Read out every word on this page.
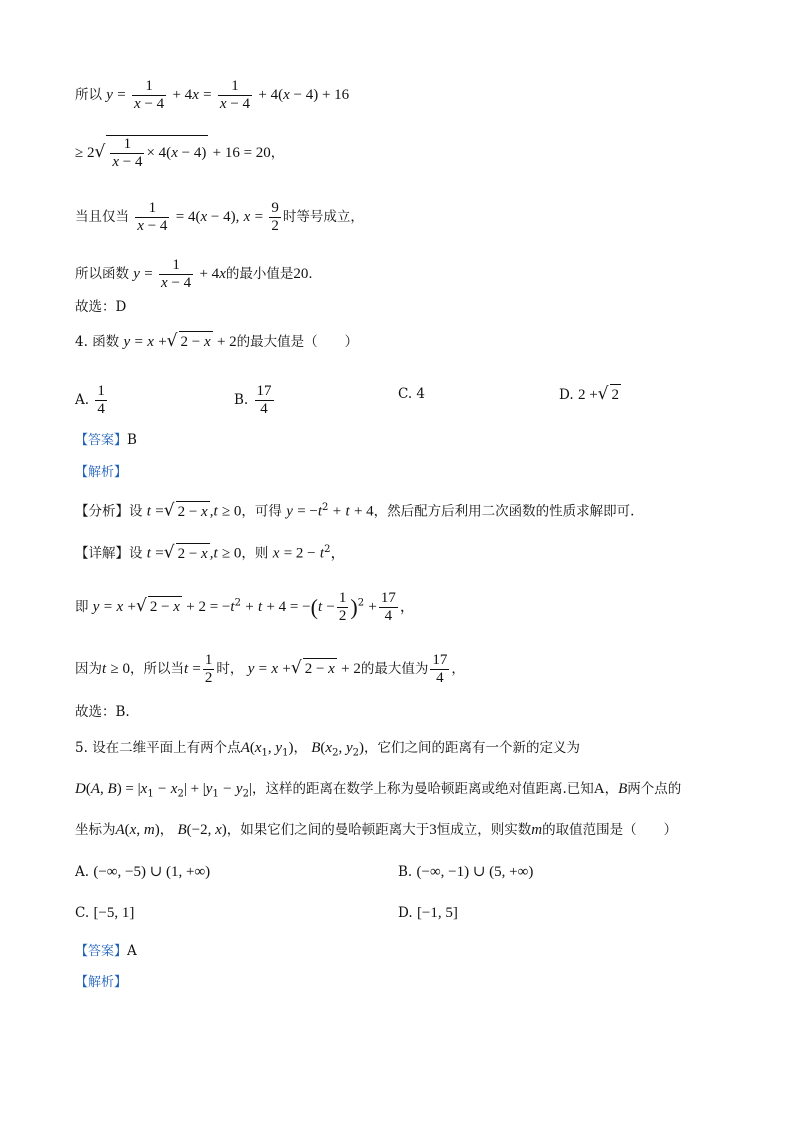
所以 $y = \frac{1}{x - 4} + 4x = \frac{1}{x - 4} + 4(x - 4) + 16$
≥ $2√ \frac{1}{x - 4} \times 4(x - 4) + 16 = 20$，
当且仅当 $\frac{1}{x - 4} = 4(x - 4)$, $x = \frac{9}{2}$ 时等号成立，
所以函数 $y = \frac{1}{x - 4} + 4x$的最小值是20．
故选：D
4. 函数 y = x +√ 2 − x + 2的最大值是（　　）
A. $\frac{1}{4}$	B. $\frac{17}{4}$	C. 4	D. 2 +√ 2
【答案】B
【解析】
【分析】设 t =√ 2 − x ,t ≥ 0，可得 $y = -t^2 + t + 4$，然后配方后利用二次函数的性质求解即可.
【详解】设 t =√ 2 − x ,t ≥ 0，则 $x = 2 - t^2$，
即 y = x +√ $2 - x + 2 = -t^2 + t + 4 = -(t - \frac{1}{2} )^2 + \frac{17}{4}$ ，
因为t ≥ 0，所以当$t = \frac{1}{2}$ 时， y = x +√ 2 − x + 2的最大值为 $\frac{17}{4}$ ，
故选：B.
5. 设在二维平面上有两个点$A(x_1$, $y_1$)， $B(x_2$, $y_2$)，它们之间的距离有一个新的定义为
D(A, $B) = |x_1 - x_2| + |y_1 - y_2|$，这样的距离在数学上称为曼哈顿距离或绝对值距离.已知A，B两个点的
坐标为A(x, m)， B(−2, x)，如果它们之间的曼哈顿距离大于3恒成立，则实数m的取值范围是（　　）
A. (−∞, −5) ∪ (1, +∞)	B. (−∞, −1) ∪ (5, +∞)
C. [−5, 1]	D. [−1, 5]
【答案】A
【解析】
